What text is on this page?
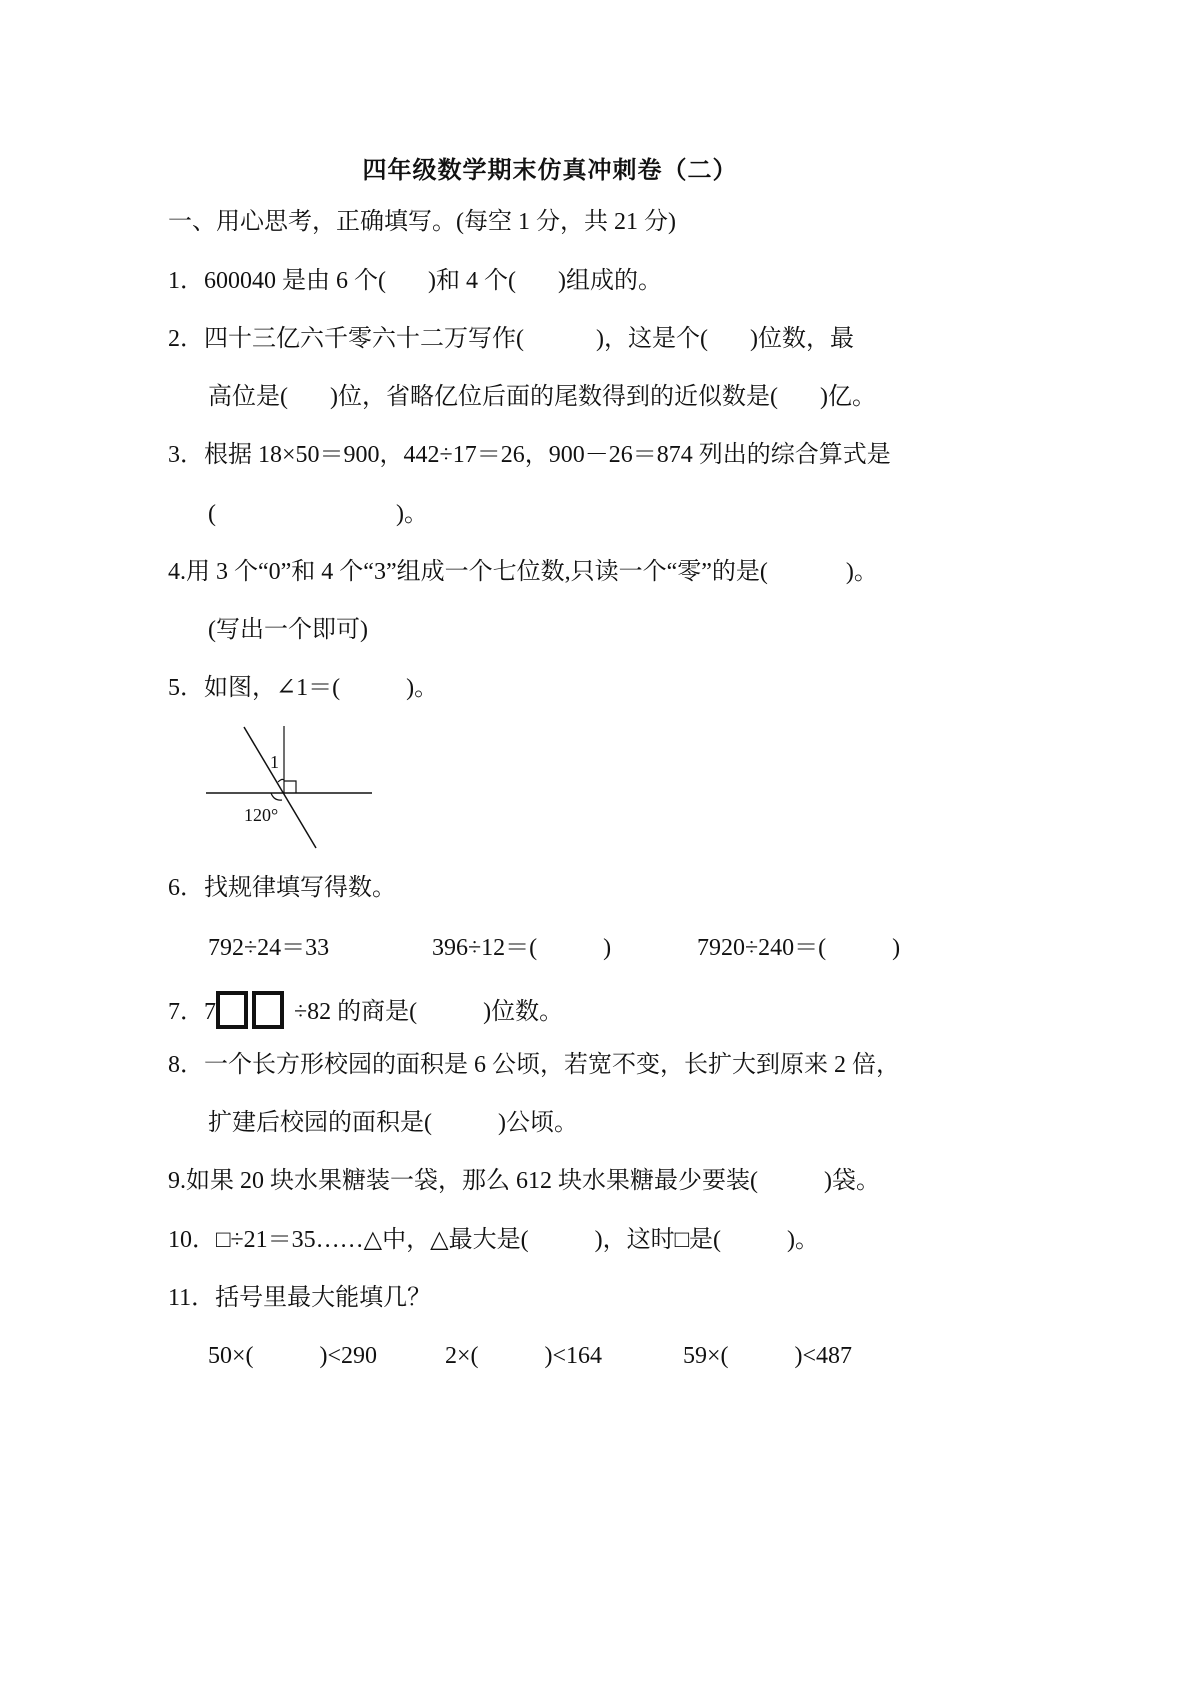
四年级数学期末仿真冲刺卷（二）
一、用心思考，正确填写。(每空 1 分，共 21 分)
1．600040 是由 6 个(       )和 4 个(       )组成的。
2．四十三亿六千零六十二万写作(            )，这是个(       )位数，最
高位是(       )位，省略亿位后面的尾数得到的近似数是(       )亿。
3．根据 18×50＝900，442÷17＝26，900－26＝874 列出的综合算式是
(                              )。
4.用 3 个“0”和 4 个“3”组成一个七位数,只读一个“零”的是(             )。
(写出一个即可)
5．如图，∠1＝(           )。
1
120°
6．找规律填写得数。
792÷24＝33	396÷12＝(           )	7920÷240＝(           )
7．7	÷82 的商是(           )位数。
8．一个长方形校园的面积是 6 公顷，若宽不变，长扩大到原来 2 倍，
扩建后校园的面积是(           )公顷。
9.如果 20 块水果糖装一袋，那么 612 块水果糖最少要装(           )袋。
10．□÷21＝35……△中，△最大是(           )，这时□是(           )。
11．括号里最大能填几？
50×(           )<290	2×(           )<164	59×(           )<487
